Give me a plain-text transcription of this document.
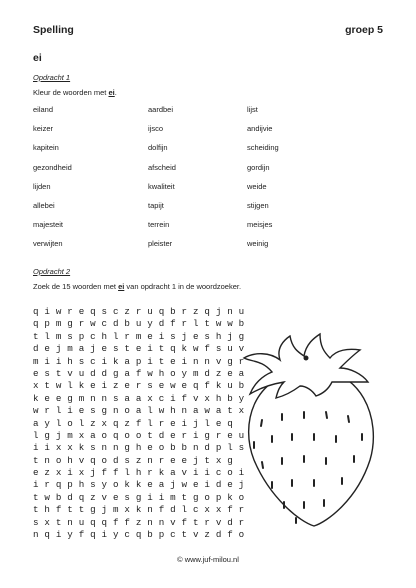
Spelling	groep 5
ei
Opdracht 1
Kleur de woorden met ei.
eiland	aardbei	lijst
keizer	ijsco	andijvie
kapitein	dolfijn	scheiding
gezondheid	afscheid	gordijn
lijden	kwaliteit	weide
allebei	tapijt	stijgen
majesteit	terrein	meisjes
verwijten	pleister	weinig
Opdracht 2
Zoek de 15 woorden met ei van opdracht 1 in de woordzoeker.
q i w r e q s c z r u q b r z q j n u
q p m g r w c d b u y d f r l t w w b
t l m s p c h l r m e i s j e s h j g
d e j m a j e s t e i t q k w f s u v
m i i h s c i k a p i t e i n n v g r
e s t v u d d g a f w h o y m d z e a
x t w l k e i z e r s e w e q f k u b
k e e g m n n s a a x c i f v x h b y
w r l i e s g n o a l w h n a w a t x
a y l o l z x q z f l r e i j l e q
l g j m x a o q o o t d e r i g r e u
i i x x k s n n g h e o b b n d p l s
t n o h v q o d s z n r e e j t x g
e z x i x j f f l h r k a v i i c o i
i r q p h s y o k k e a j w e i d e j
t w b d q z v e s g i i m t g o p k o
t h f t t g j m x k n f d l c x x f r
s x t n u q q f f z n n v f t r v d r
n q i y f q i y c q b p c t v z d f o
© www.juf-milou.nl
